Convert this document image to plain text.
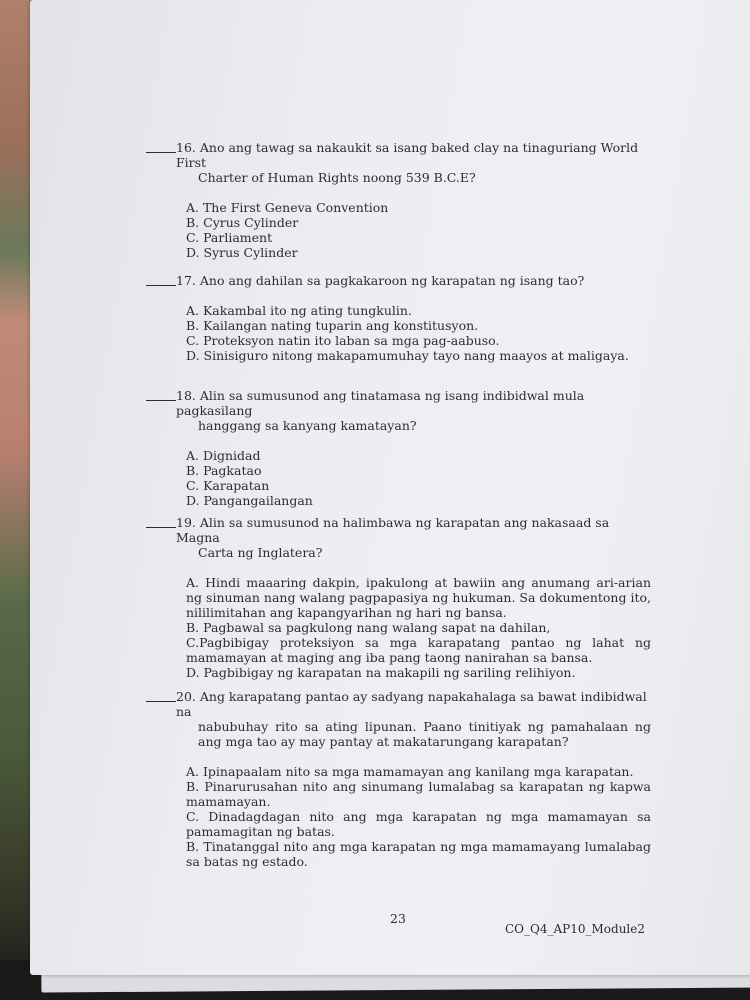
16. Ano ang tawag sa nakaukit sa isang baked clay na tinaguriang World First
Charter of Human Rights noong 539 B.C.E?
A. The First Geneva Convention
B. Cyrus Cylinder
C. Parliament
D. Syrus Cylinder
17. Ano ang dahilan sa pagkakaroon ng karapatan ng isang tao?
A. Kakambal ito ng ating tungkulin.
B. Kailangan nating tuparin ang konstitusyon.
C. Proteksyon natin ito laban sa mga pag-aabuso.
D. Sinisiguro nitong makapamumuhay tayo nang maayos at maligaya.
18. Alin sa sumusunod ang tinatamasa ng isang indibidwal mula pagkasilang
hanggang sa kanyang kamatayan?
A. Dignidad
B. Pagkatao
C. Karapatan
D. Pangangailangan
19. Alin sa sumusunod na halimbawa ng karapatan ang nakasaad sa Magna
Carta ng Inglatera?
A. Hindi maaaring dakpin, ipakulong at bawiin ang anumang ari-arian ng sinuman nang walang pagpapasiya ng hukuman. Sa dokumentong ito, nililimitahan ang kapangyarihan ng hari ng bansa.
B. Pagbawal sa pagkulong nang walang sapat na dahilan,
C.Pagbibigay proteksiyon sa mga karapatang pantao ng lahat ng mamamayan at maging ang iba pang taong nanirahan sa bansa.
D. Pagbibigay ng karapatan na makapili ng sariling relihiyon.
20. Ang karapatang pantao ay sadyang napakahalaga sa bawat indibidwal na
nabubuhay rito sa ating lipunan. Paano tinitiyak ng pamahalaan ng ang mga tao ay may pantay at makatarungang karapatan?
A. Ipinapaalam nito sa mga mamamayan ang kanilang mga karapatan.
B. Pinarurusahan nito ang sinumang lumalabag sa karapatan ng kapwa mamamayan.
C. Dinadagdagan nito ang mga karapatan ng mga mamamayan sa pamamagitan ng batas.
B. Tinatanggal nito ang mga karapatan ng mga mamamayang lumalabag sa batas ng estado.
23
CO_Q4_AP10_Module2
